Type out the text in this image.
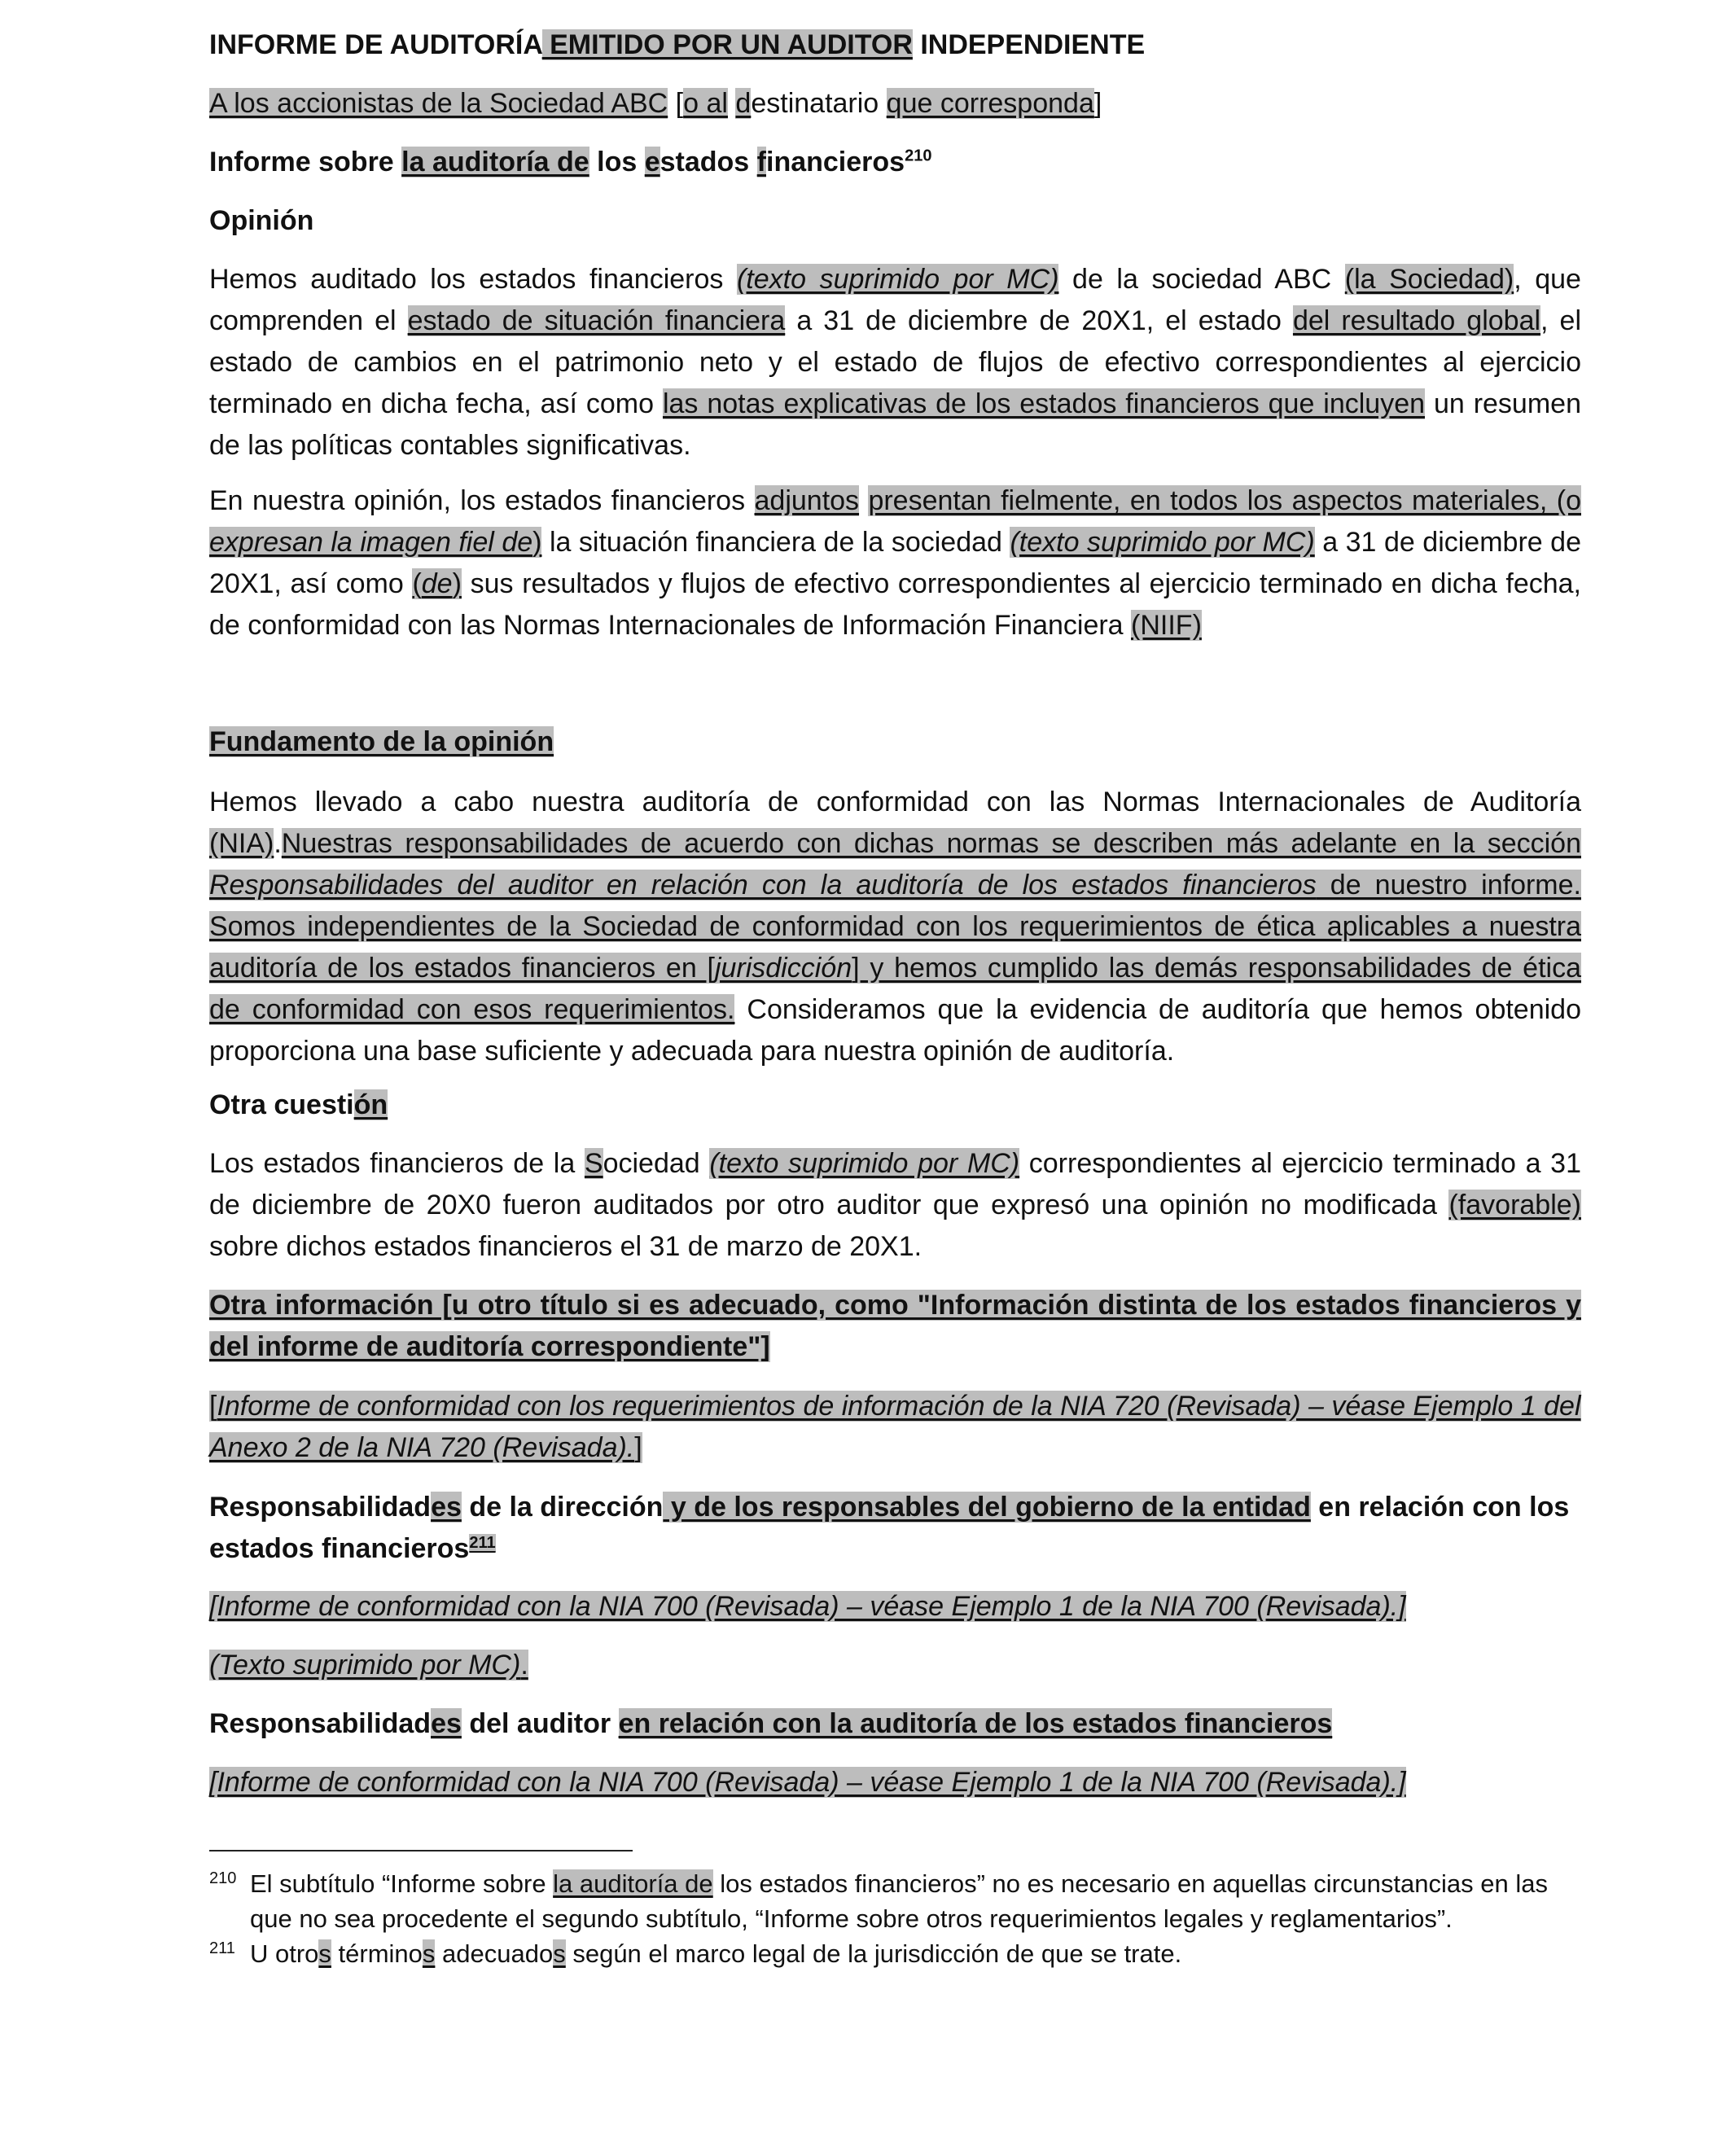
INFORME DE AUDITORÍA EMITIDO POR UN AUDITOR INDEPENDIENTE

A los accionistas de la Sociedad ABC [o al destinatario que corresponda]

Informe sobre la auditoría de los estados financieros$^{210}$

Opinión

Hemos auditado los estados financieros (texto suprimido por MC) de la sociedad ABC (la Sociedad), que comprenden el estado de situación financiera a 31 de diciembre de 20X1, el estado del resultado global, el estado de cambios en el patrimonio neto y el estado de flujos de efectivo correspondientes al ejercicio terminado en dicha fecha, así como las notas explicativas de los estados financieros que incluyen un resumen de las políticas contables significativas.

En nuestra opinión, los estados financieros adjuntos presentan fielmente, en todos los aspectos materiales, (o expresan la imagen fiel de) la situación financiera de la sociedad (texto suprimido por MC) a 31 de diciembre de 20X1, así como (de) sus resultados y flujos de efectivo correspondientes al ejercicio terminado en dicha fecha, de conformidad con las Normas Internacionales de Información Financiera (NIIF)

Fundamento de la opinión

Hemos llevado a cabo nuestra auditoría de conformidad con las Normas Internacionales de Auditoría (NIA).Nuestras responsabilidades de acuerdo con dichas normas se describen más adelante en la sección Responsabilidades del auditor en relación con la auditoría de los estados financieros de nuestro informe. Somos independientes de la Sociedad de conformidad con los requerimientos de ética aplicables a nuestra auditoría de los estados financieros en [jurisdicción] y hemos cumplido las demás responsabilidades de ética de conformidad con esos requerimientos. Consideramos que la evidencia de auditoría que hemos obtenido proporciona una base suficiente y adecuada para nuestra opinión de auditoría.

Otra cuestión

Los estados financieros de la Sociedad (texto suprimido por MC) correspondientes al ejercicio terminado a 31 de diciembre de 20X0 fueron auditados por otro auditor que expresó una opinión no modificada (favorable) sobre dichos estados financieros el 31 de marzo de 20X1.

Otra información [u otro título si es adecuado, como "Información distinta de los estados financieros y del informe de auditoría correspondiente"]

[Informe de conformidad con los requerimientos de información de la NIA 720 (Revisada) – véase Ejemplo 1 del Anexo 2 de la NIA 720 (Revisada).]

Responsabilidades de la dirección y de los responsables del gobierno de la entidad en relación con los estados financieros$^{211}$

[Informe de conformidad con la NIA 700 (Revisada) – véase Ejemplo 1 de la NIA 700 (Revisada).]

(Texto suprimido por MC).

Responsabilidades del auditor en relación con la auditoría de los estados financieros

[Informe de conformidad con la NIA 700 (Revisada) – véase Ejemplo 1 de la NIA 700 (Revisada).]

210 El subtítulo “Informe sobre la auditoría de los estados financieros” no es necesario en aquellas circunstancias en las que no sea procedente el segundo subtítulo, “Informe sobre otros requerimientos legales y reglamentarios”.
211 U otros términos adecuados según el marco legal de la jurisdicción de que se trate.
